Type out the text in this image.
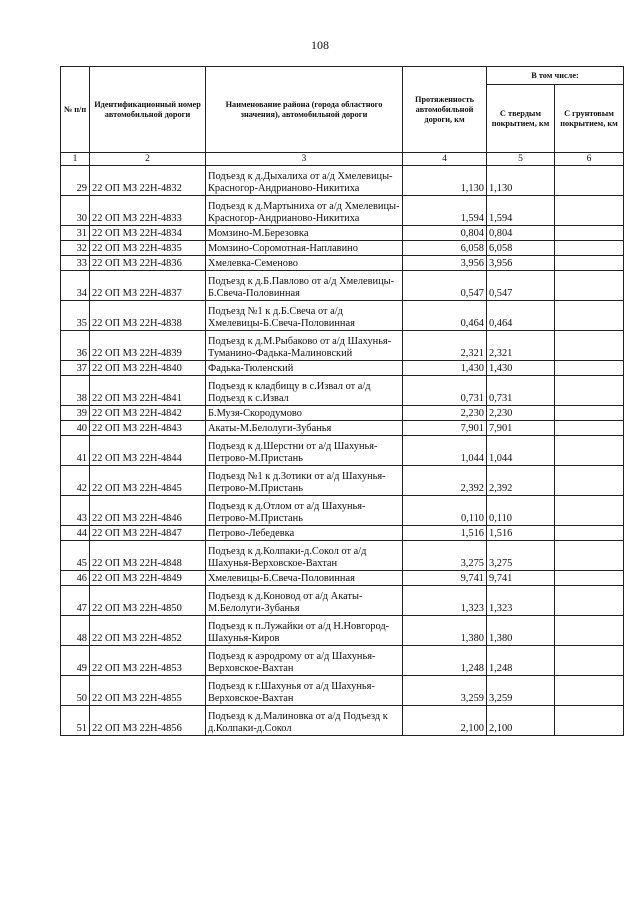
108
№ п/п	Идентификационный номер автомобильной дороги	Наименование района (города областного значения), автомобильной дороги	Протяженность автомобильной дороги, км	В том числе:	
				С твердым покрытием, км	С грунтовым покрытием, км
1	2	3	4	5	6
29	22 ОП МЗ 22Н-4832	Подъезд к д.Дыхалиха от а/д Хмелевицы-Красногор-Андрианово-Никитиха	1,130	1,130	
30	22 ОП МЗ 22Н-4833	Подъезд к д.Мартыниха от а/д Хмелевицы-Красногор-Андрианово-Никитиха	1,594	1,594	
31	22 ОП МЗ 22Н-4834	Момзино-М.Березовка	0,804	0,804	
32	22 ОП МЗ 22Н-4835	Момзино-Соромотная-Наплавино	6,058	6,058	
33	22 ОП МЗ 22Н-4836	Хмелевка-Семеново	3,956	3,956	
34	22 ОП МЗ 22Н-4837	Подъезд к д.Б.Павлово от а/д Хмелевицы-Б.Свеча-Половинная	0,547	0,547	
35	22 ОП МЗ 22Н-4838	Подъезд №1 к д.Б.Свеча от а/д Хмелевицы-Б.Свеча-Половинная	0,464	0,464	
36	22 ОП МЗ 22Н-4839	Подъезд к д.М.Рыбаково от а/д Шахунья-Туманино-Фадька-Малиновский	2,321	2,321	
37	22 ОП МЗ 22Н-4840	Фадька-Тюленский	1,430	1,430	
38	22 ОП МЗ 22Н-4841	Подъезд к кладбищу в с.Извал от а/д Подъезд к с.Извал	0,731	0,731	
39	22 ОП МЗ 22Н-4842	Б.Музя-Скородумово	2,230	2,230	
40	22 ОП МЗ 22Н-4843	Акаты-М.Белолуги-Зубанья	7,901	7,901	
41	22 ОП МЗ 22Н-4844	Подъезд к д.Шерстни от а/д Шахунья-Петрово-М.Пристань	1,044	1,044	
42	22 ОП МЗ 22Н-4845	Подъезд №1 к д.Зотики от а/д Шахунья-Петрово-М.Пристань	2,392	2,392	
43	22 ОП МЗ 22Н-4846	Подъезд к д.Отлом от а/д Шахунья-Петрово-М.Пристань	0,110	0,110	
44	22 ОП МЗ 22Н-4847	Петрово-Лебедевка	1,516	1,516	
45	22 ОП МЗ 22Н-4848	Подъезд к д.Колпаки-д.Сокол от а/д Шахунья-Верховское-Вахтан	3,275	3,275	
46	22 ОП МЗ 22Н-4849	Хмелевицы-Б.Свеча-Половинная	9,741	9,741	
47	22 ОП МЗ 22Н-4850	Подъезд к д.Коновод от а/д Акаты-М.Белолуги-Зубанья	1,323	1,323	
48	22 ОП МЗ 22Н-4852	Подъезд к п.Лужайки от а/д Н.Новгород-Шахунья-Киров	1,380	1,380	
49	22 ОП МЗ 22Н-4853	Подъезд к аэродрому от а/д Шахунья-Верховское-Вахтан	1,248	1,248	
50	22 ОП МЗ 22Н-4855	Подъезд к г.Шахунья от а/д Шахунья-Верховское-Вахтан	3,259	3,259	
51	22 ОП МЗ 22Н-4856	Подъезд к д.Малиновка от а/д Подъезд к д.Колпаки-д.Сокол	2,100	2,100	
